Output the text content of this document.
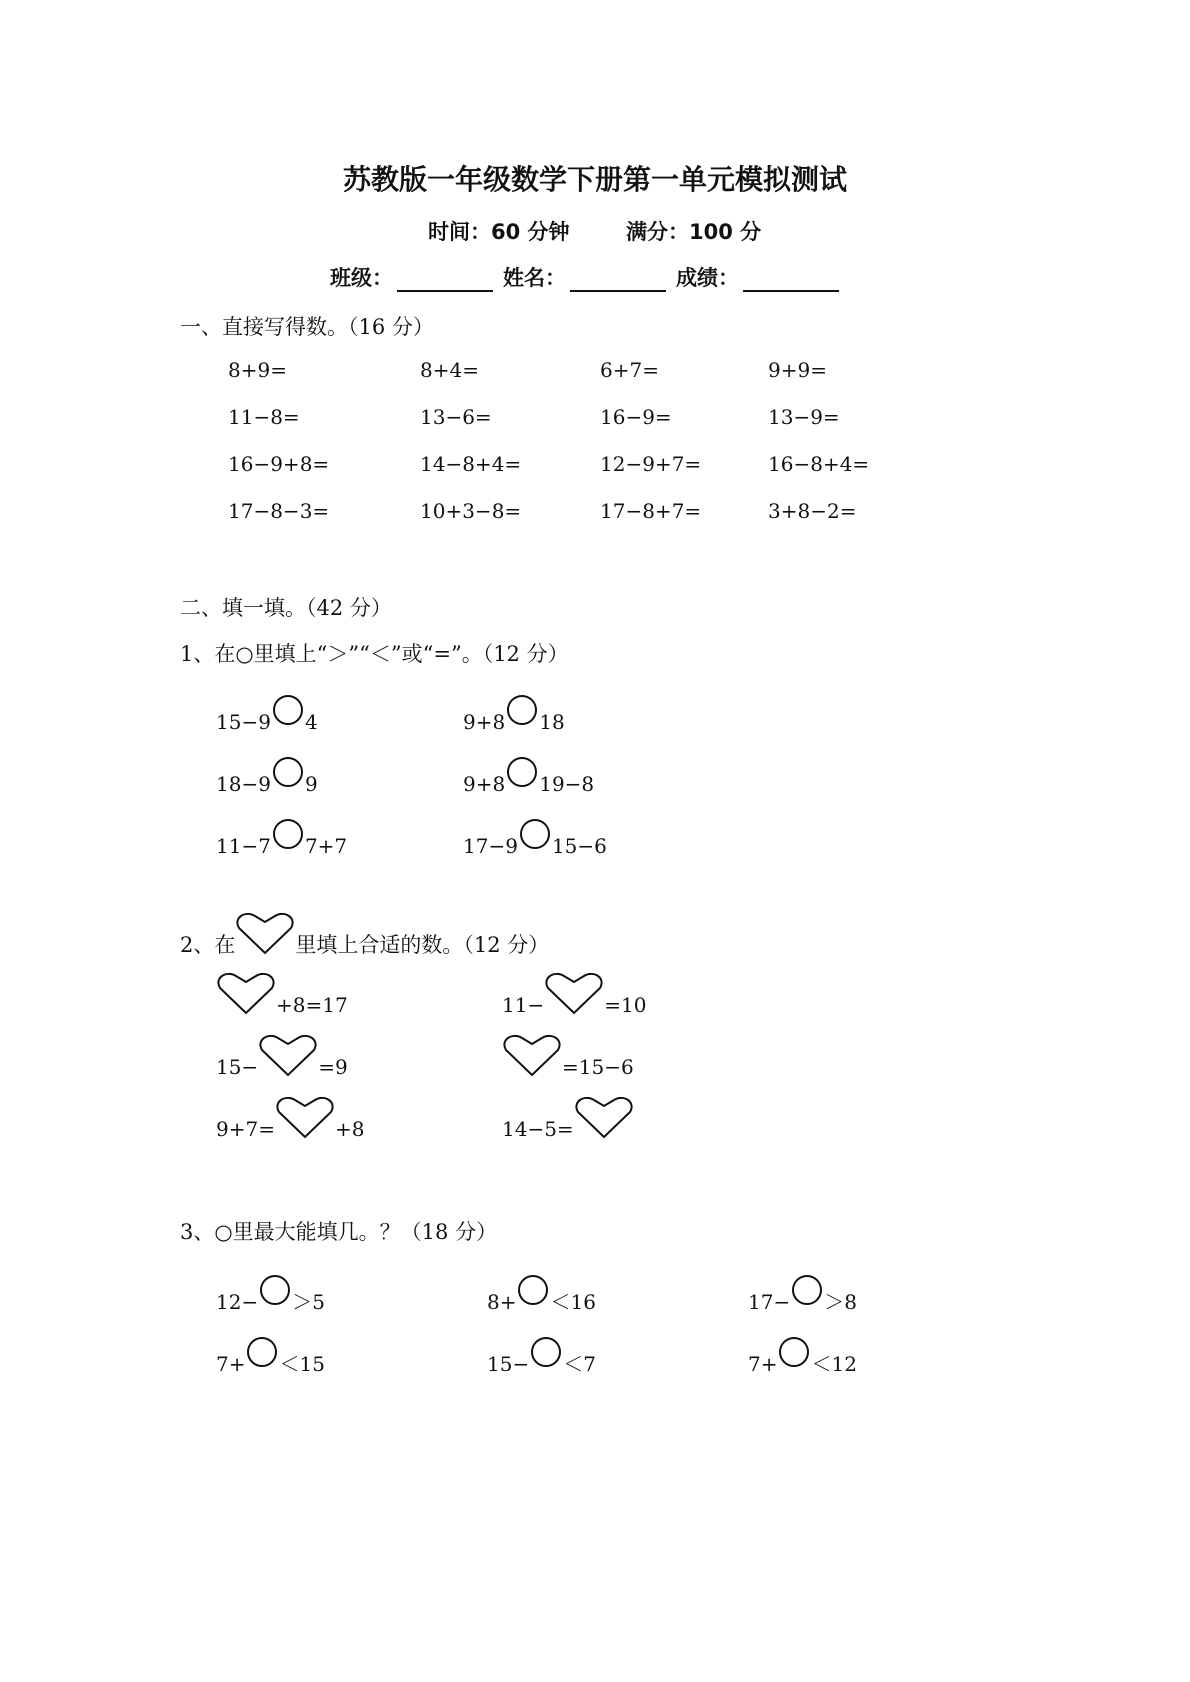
苏教版一年级数学下册第一单元模拟测试
时间：60 分钟	满分：100 分
班级：	姓名：	成绩：
一、直接写得数。（16 分）
8+9=	8+4=	6+7=	9+9=
11−8=	13−6=	16−9=	13−9=
16−9+8=	14−8+4=	12−9+7=	16−8+4=
17−8−3=	10+3−8=	17−8+7=	3+8−2=
二、填一填。（42 分）
1、在○里填上“＞”“＜”或“=”。（12 分）
15−9 4	9+8 18
18−9 9	9+8 19−8
11−7 7+7	17−9 15−6
2、在	里填上合适的数。（12 分）
+8=17	11−	=10
15−	=9	=15−6
9+7=	+8	14−5=
3、○里最大能填几。？（18 分）
12− ＞5	8+ ＜16	17− ＞8
7+ ＜15	15− ＜7	7+ ＜12
